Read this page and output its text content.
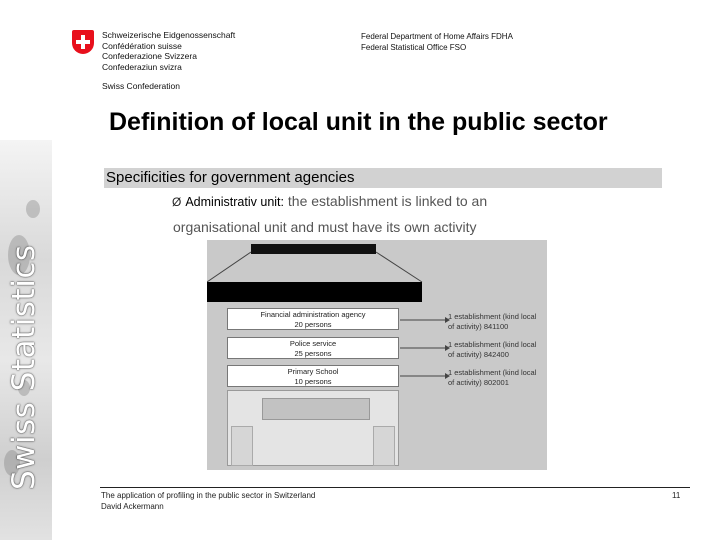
Swiss Statistics
Schweizerische Eidgenossenschaft
Confédération suisse
Confederazione Svizzera
Confederaziun svizra
Swiss Confederation
Federal Department of Home Affairs FDHA
Federal Statistical Office FSO
Definition of local unit in the public sector
Specificities for government agencies
Ø Administrativ unit: the establishment is linked to an
organisational unit and must have its own activity
Financial administration agency
20 persons
Police service
25 persons
Primary School
10 persons
1 establishment (kind local
of activity) 841100
1 establishment (kind local
of activity) 842400
1 establishment (kind local
of activity) 802001
The application of profiling in the public sector in Switzerland
David Ackermann
11
